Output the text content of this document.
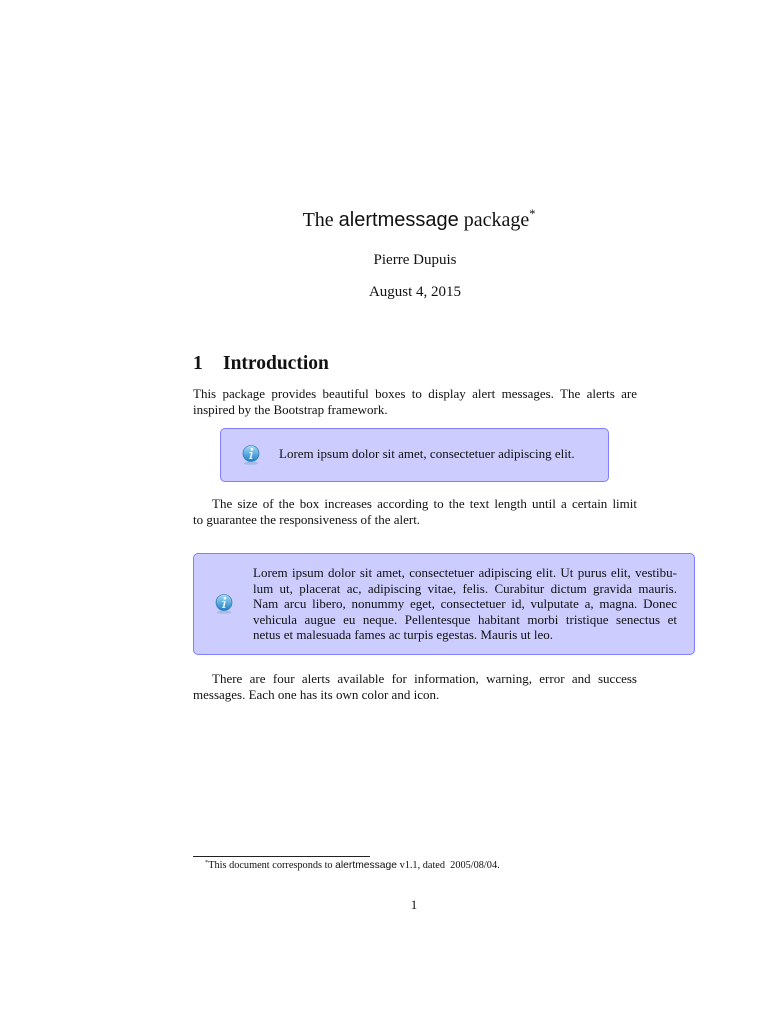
The alertmessage package*
Pierre Dupuis
August 4, 2015
1 Introduction
This package provides beautiful boxes to display alert messages. The alerts are
inspired by the Bootstrap framework.
Lorem ipsum dolor sit amet, consectetuer adipiscing elit.
The size of the box increases according to the text length until a certain limit
to guarantee the responsiveness of the alert.
Lorem ipsum dolor sit amet, consectetuer adipiscing elit. Ut purus elit, vestibu-
lum ut, placerat ac, adipiscing vitae, felis. Curabitur dictum gravida mauris.
Nam arcu libero, nonummy eget, consectetuer id, vulputate a, magna. Donec
vehicula augue eu neque. Pellentesque habitant morbi tristique senectus et
netus et malesuada fames ac turpis egestas. Mauris ut leo.
There are four alerts available for information, warning, error and success
messages. Each one has its own color and icon.
*This document corresponds to alertmessage v1.1, dated  2005/08/04.
1
